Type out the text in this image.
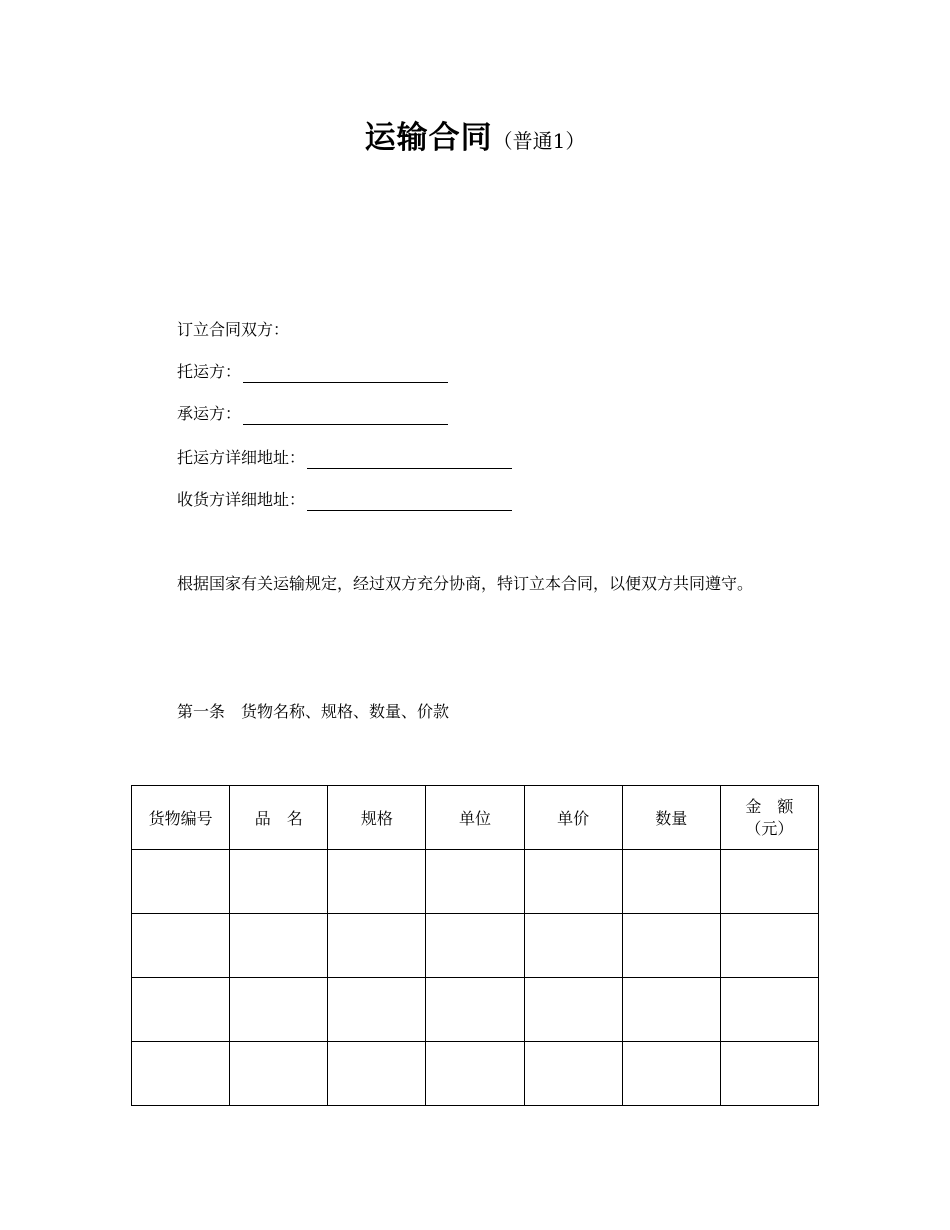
运输合同（普通1）
订立合同双方：
托运方：
承运方：
托运方详细地址：
收货方详细地址：
根据国家有关运输规定，经过双方充分协商，特订立本合同，以便双方共同遵守。
第一条　货物名称、规格、数量、价款
货物编号	品　名	规格	单位	单价	数量	金　额
（元）
